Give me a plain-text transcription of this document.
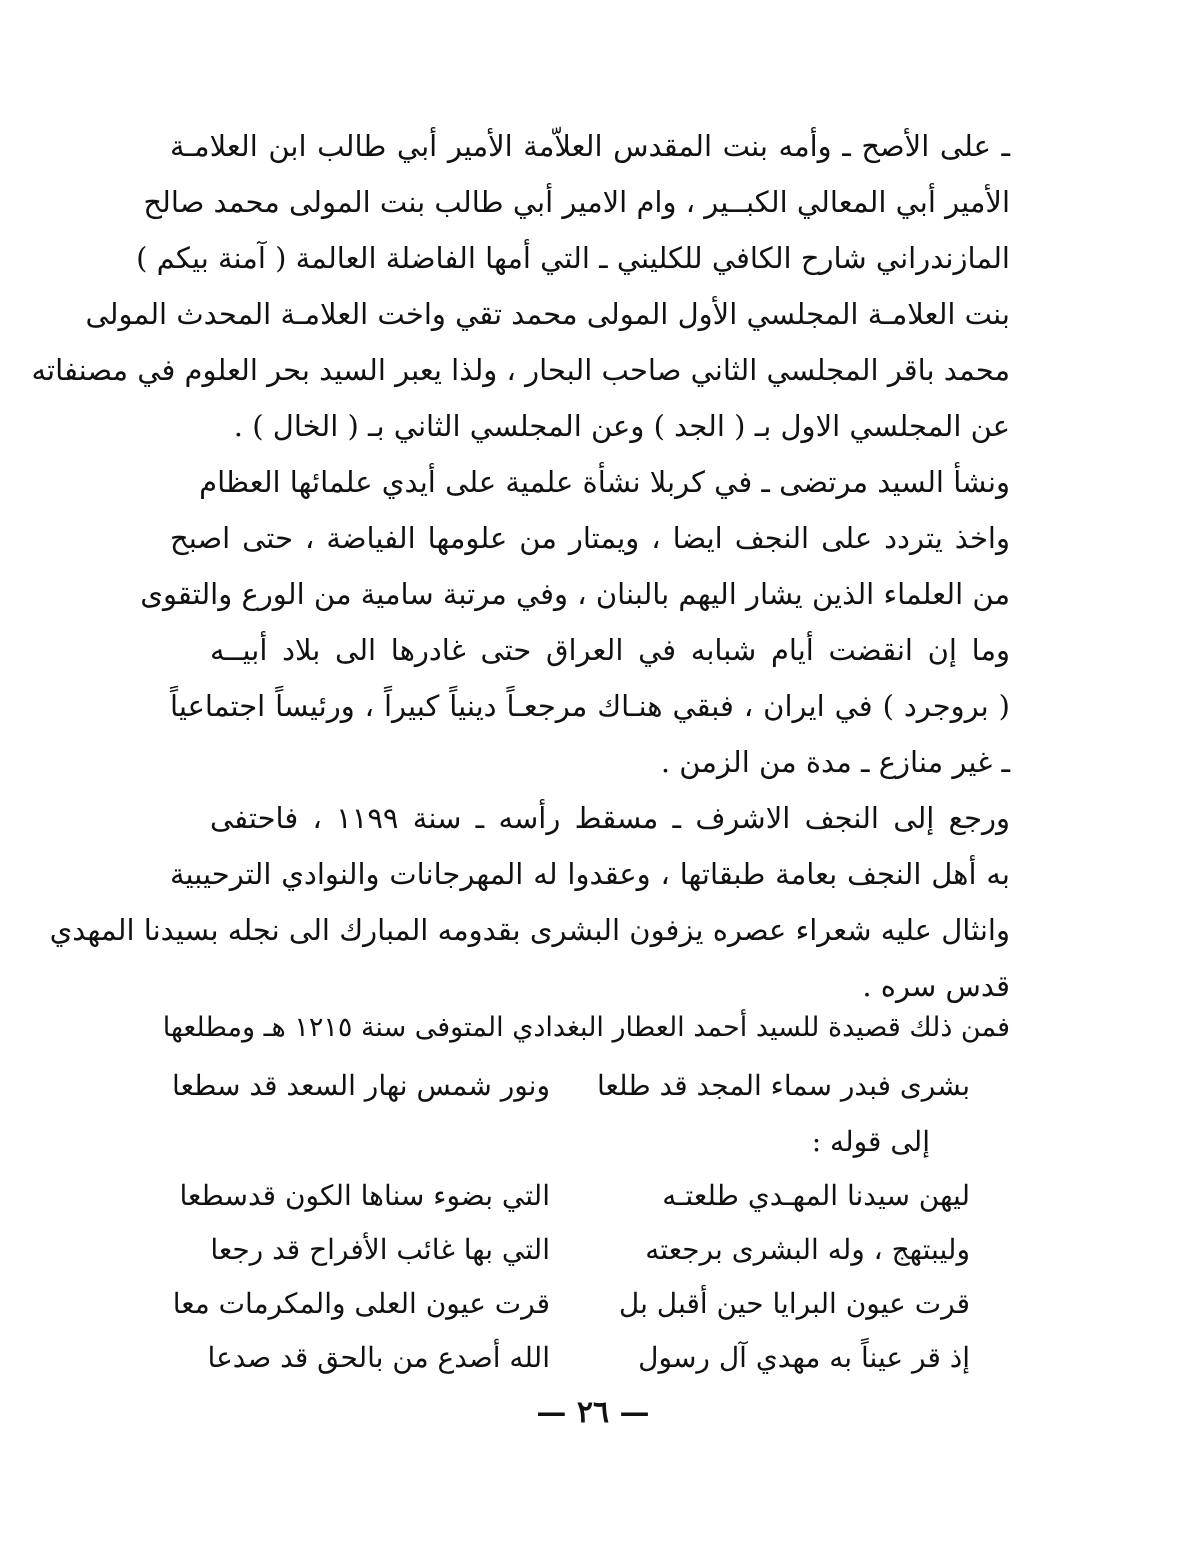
ـ على الأصح ـ وأمه بنت المقدس العلاّمة الأمير أبي طالب ابن العلامـة
الأمير أبي المعالي الكبــير ، وام الامير أبي طالب بنت المولى محمد صالح
المازندراني شارح الكافي للكليني ـ التي أمها الفاضلة العالمة ( آمنة بيكم )
بنت العلامـة المجلسي الأول المولى محمد تقي واخت العلامـة المحدث المولى
محمد باقر المجلسي الثاني صاحب البحار ، ولذا يعبر السيد بحر العلوم في مصنفاته
عن المجلسي الاول بـ ( الجد ) وعن المجلسي الثاني بـ ( الخال ) .
ونشأ السيد مرتضى ـ في كربلا نشأة علمية على أيدي علمائها العظام
واخذ يتردد على النجف ايضا ، ويمتار من علومها الفياضة ، حتى اصبح
من العلماء الذين يشار اليهم بالبنان ، وفي مرتبة سامية من الورع والتقوى
وما إن انقضت أيام شبابه في العراق حتى غادرها الى بلاد أبيــه
( بروجرد ) في ايران ، فبقي هنـاك مرجعـاً دينياً كبيراً ، ورئيساً اجتماعياً
ـ غير منازع ـ مدة من الزمن .
ورجع إلى النجف الاشرف ـ مسقط رأسه ـ سنة ١١٩٩ ، فاحتفى
به أهل النجف بعامة طبقاتها ، وعقدوا له المهرجانات والنوادي الترحيبية
وانثال عليه شعراء عصره يزفون البشرى بقدومه المبارك الى نجله بسيدنا المهدي
قدس سره .
فمن ذلك قصيدة للسيد أحمد العطار البغدادي المتوفى سنة ١٢١٥ هـ ومطلعها
بشرى فبدر سماء المجد قد طلعا
ونور شمس نهار السعد قد سطعا
إلى قوله :
ليهن سيدنا المهـدي طلعتـه
التي بضوء سناها الكون قدسطعا
وليبتهج ، وله البشرى برجعته
التي بها غائب الأفراح قد رجعا
قرت عيون البرايا حين أقبل بل
قرت عيون العلى والمكرمات معا
إذ قر عيناً به مهدي آل رسول
الله أصدع من بالحق قد صدعا
— ٢٦ —
